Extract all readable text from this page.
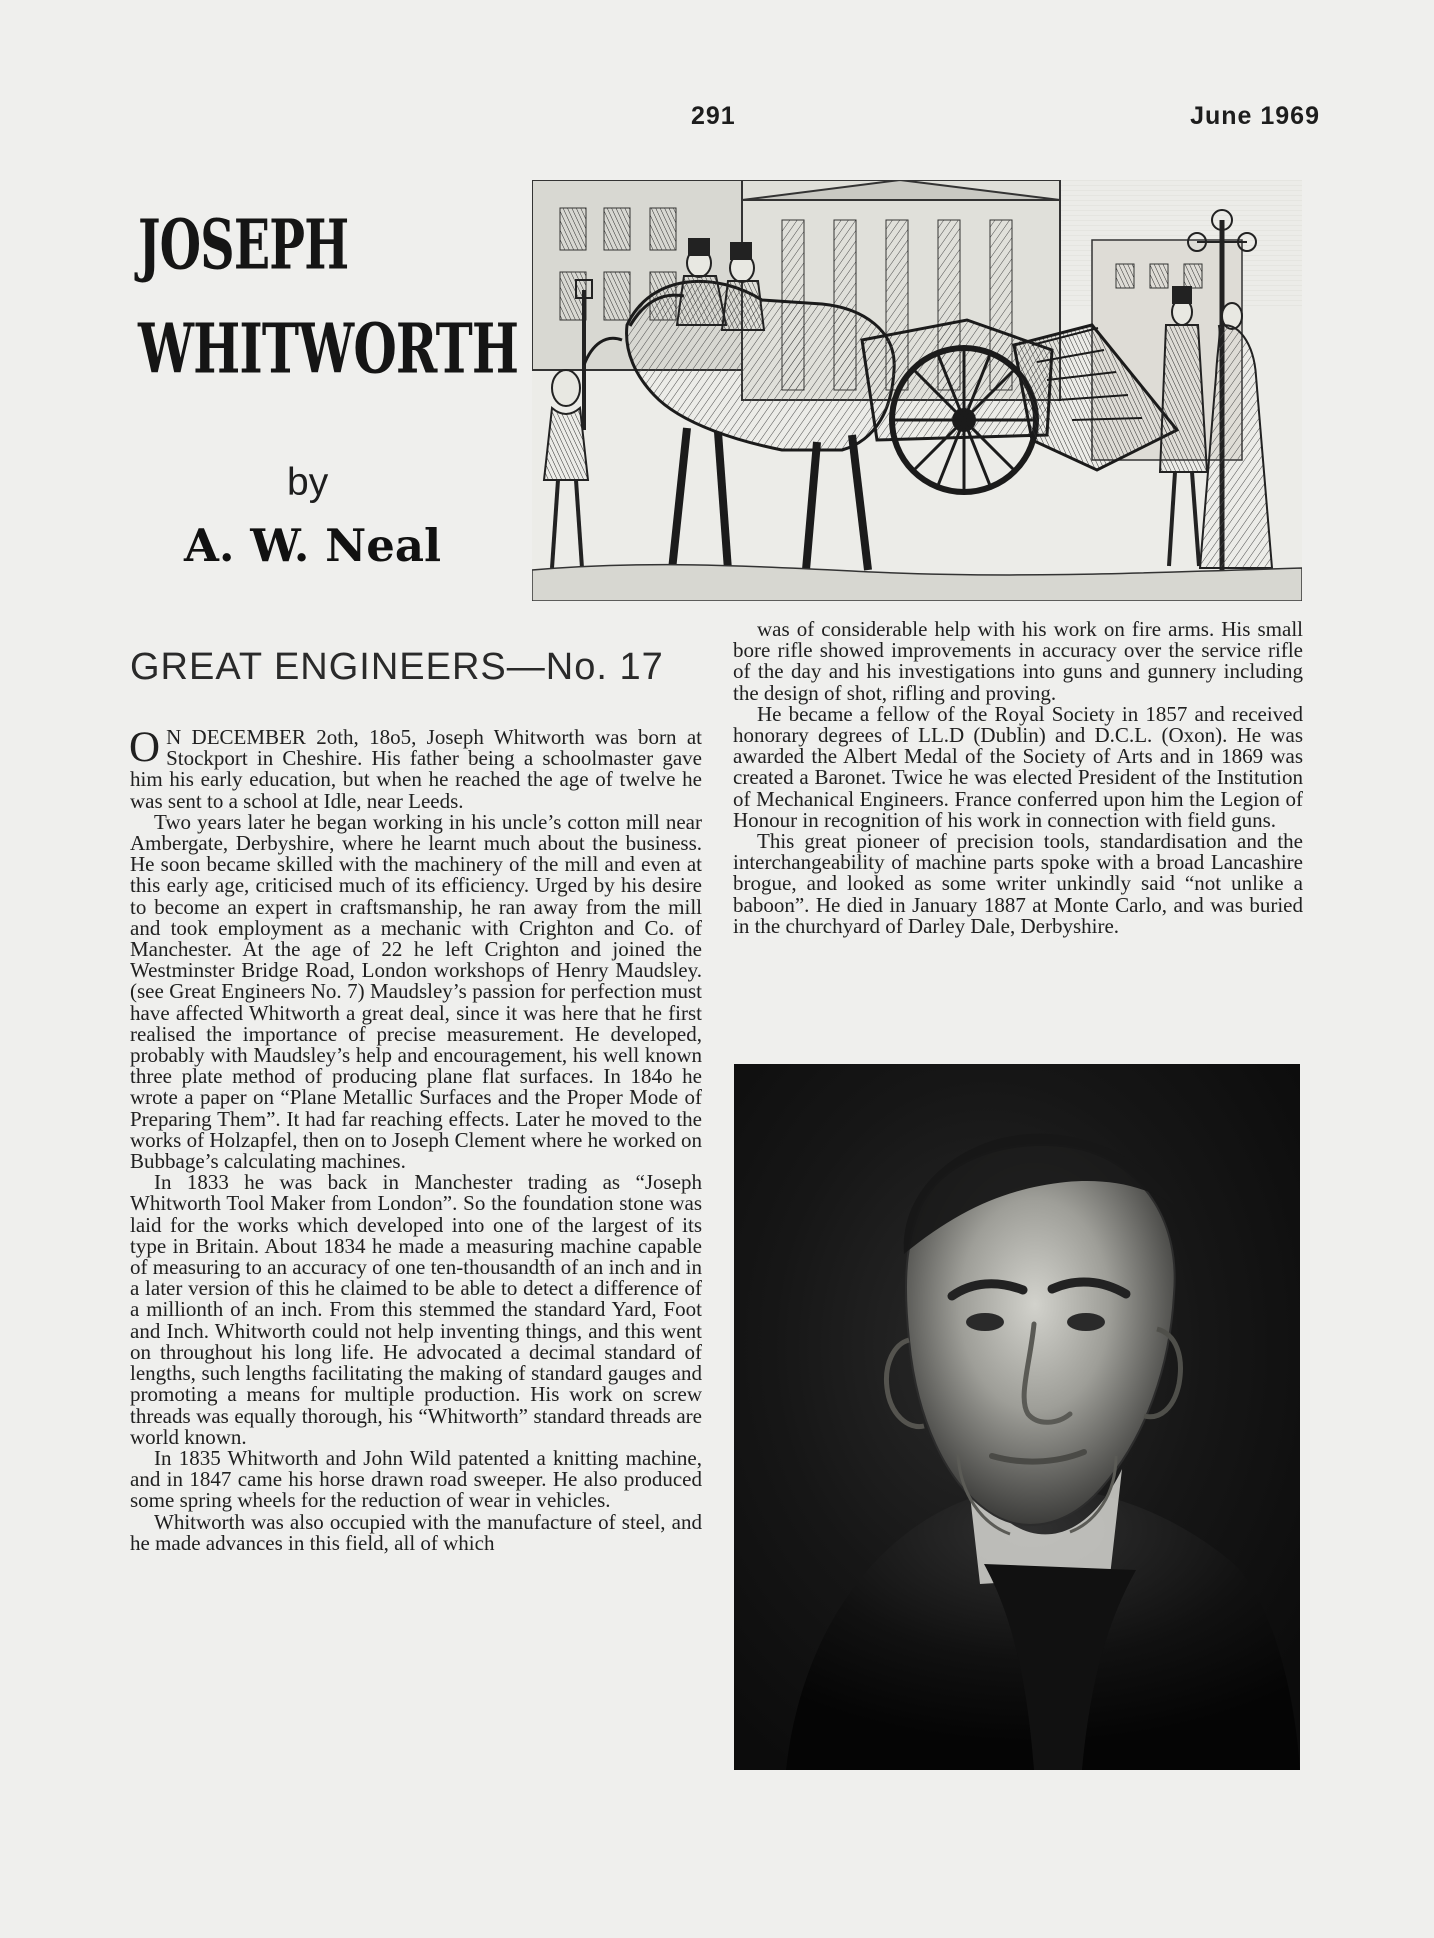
291	June 1969
JOSEPH
WHITWORTH
by
A. W. Neal
GREAT ENGINEERS—No. 17

O N DECEMBER 2oth, 18o5, Joseph Whitworth was born at Stockport in Cheshire. His father being a schoolmaster gave him his early education, but when he reached the age of twelve he was sent to a school at Idle, near Leeds.

Two years later he began working in his uncle’s cotton mill near Ambergate, Derbyshire, where he learnt much about the business. He soon became skilled with the machinery of the mill and even at this early age, criticised much of its efficiency. Urged by his desire to become an expert in craftsmanship, he ran away from the mill and took employment as a mechanic with Crighton and Co. of Manchester. At the age of 22 he left Crighton and joined the Westminster Bridge Road, London workshops of Henry Maudsley. (see Great Engineers No. 7) Maudsley’s passion for perfection must have affected Whitworth a great deal, since it was here that he first realised the importance of precise measurement. He developed, probably with Maudsley’s help and encouragement, his well known three plate method of producing plane flat surfaces. In 184o he wrote a paper on “Plane Metallic Surfaces and the Proper Mode of Preparing Them”. It had far reaching effects. Later he moved to the works of Holzapfel, then on to Joseph Clement where he worked on Bubbage’s calculating machines.

In 1833 he was back in Manchester trading as “Joseph Whitworth Tool Maker from London”. So the foundation stone was laid for the works which developed into one of the largest of its type in Britain. About 1834 he made a measuring machine capable of measuring to an accuracy of one ten-thousandth of an inch and in a later version of this he claimed to be able to detect a difference of a millionth of an inch. From this stemmed the standard Yard, Foot and Inch. Whitworth could not help inventing things, and this went on throughout his long life. He advocated a decimal standard of lengths, such lengths facilitating the making of standard gauges and promoting a means for multiple production. His work on screw threads was equally thorough, his “Whitworth” standard threads are world known.

In 1835 Whitworth and John Wild patented a knitting machine, and in 1847 came his horse drawn road sweeper. He also produced some spring wheels for the reduction of wear in vehicles.

Whitworth was also occupied with the manufacture of steel, and he made advances in this field, all of which

was of considerable help with his work on fire arms. His small bore rifle showed improvements in accuracy over the service rifle of the day and his investigations into guns and gunnery including the design of shot, rifling and proving.

He became a fellow of the Royal Society in 1857 and received honorary degrees of LL.D (Dublin) and D.C.L. (Oxon). He was awarded the Albert Medal of the Society of Arts and in 1869 was created a Baronet. Twice he was elected President of the Institution of Mechanical Engineers. France conferred upon him the Legion of Honour in recognition of his work in connection with field guns.

This great pioneer of precision tools, standardisation and the interchangeability of machine parts spoke with a broad Lancashire brogue, and looked as some writer unkindly said “not unlike a baboon”. He died in January 1887 at Monte Carlo, and was buried in the churchyard of Darley Dale, Derbyshire.
